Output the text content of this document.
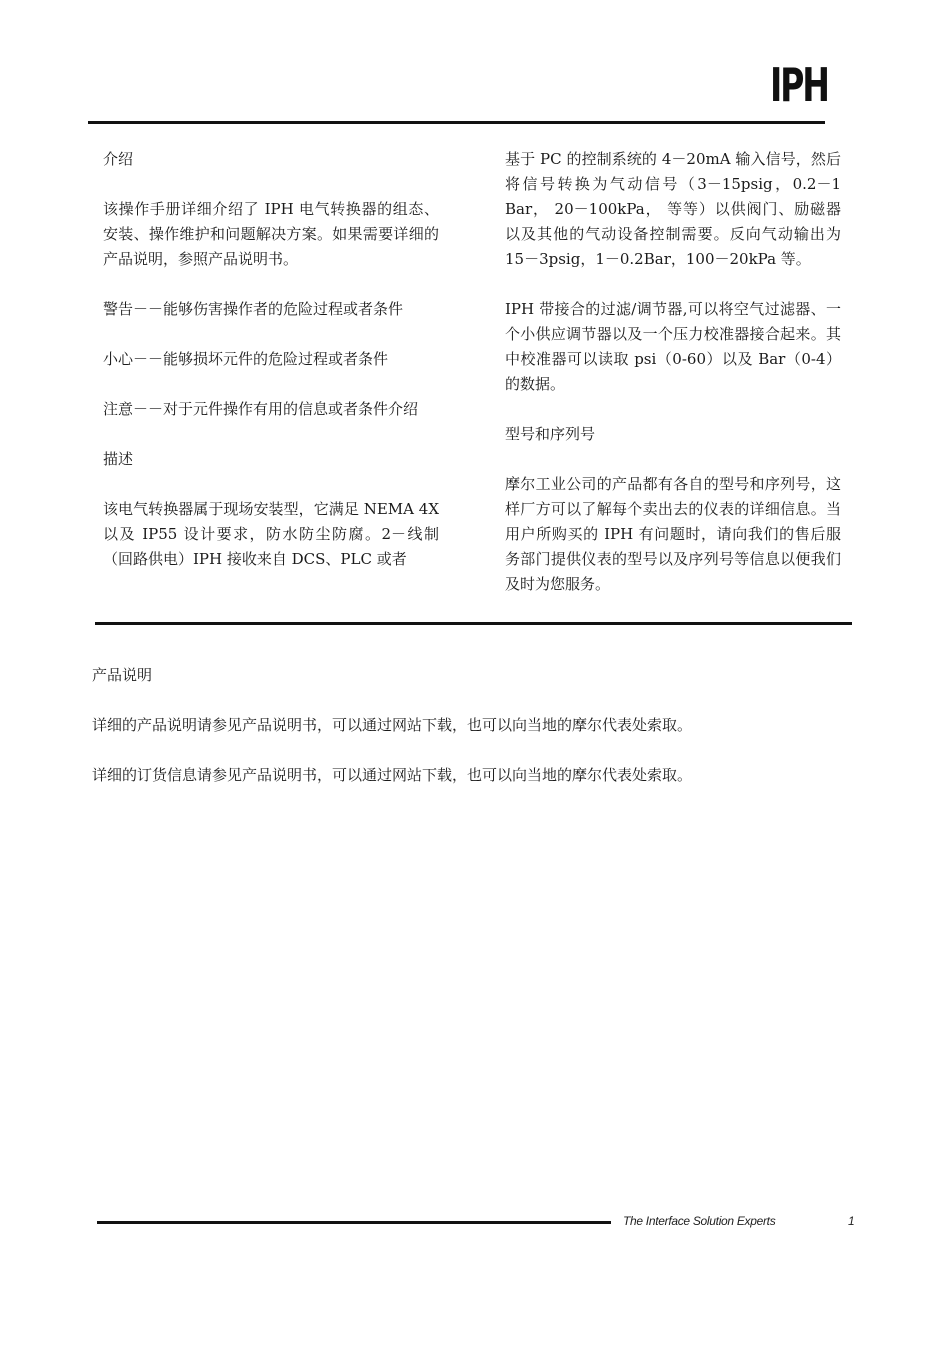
IPH

介绍

该操作手册详细介绍了 IPH 电气转换器的组态、安装、操作维护和问题解决方案。如果需要详细的产品说明，参照产品说明书。

警告－－能够伤害操作者的危险过程或者条件

小心－－能够损坏元件的危险过程或者条件

注意－－对于元件操作有用的信息或者条件介绍

描述

该电气转换器属于现场安装型，它满足 NEMA 4X 以及 IP55 设计要求，防水防尘防腐。2－线制（回路供电）IPH 接收来自 DCS、PLC 或者

基于 PC 的控制系统的 4－20mA 输入信号，然后将信号转换为气动信号（3－15psig，0.2－1 Bar， 20－100kPa， 等等）以供阀门、励磁器以及其他的气动设备控制需要。反向气动输出为 15－3psig，1－0.2Bar，100－20kPa 等。

IPH 带接合的过滤/调节器,可以将空气过滤器、一个小供应调节器以及一个压力校准器接合起来。其中校准器可以读取 psi（0-60）以及 Bar（0-4）的数据。

型号和序列号

摩尔工业公司的产品都有各自的型号和序列号，这样厂方可以了解每个卖出去的仪表的详细信息。当用户所购买的 IPH 有问题时，请向我们的售后服务部门提供仪表的型号以及序列号等信息以便我们及时为您服务。

产品说明
详细的产品说明请参见产品说明书，可以通过网站下载，也可以向当地的摩尔代表处索取。
详细的订货信息请参见产品说明书，可以通过网站下载，也可以向当地的摩尔代表处索取。
The Interface Solution Experts	1
